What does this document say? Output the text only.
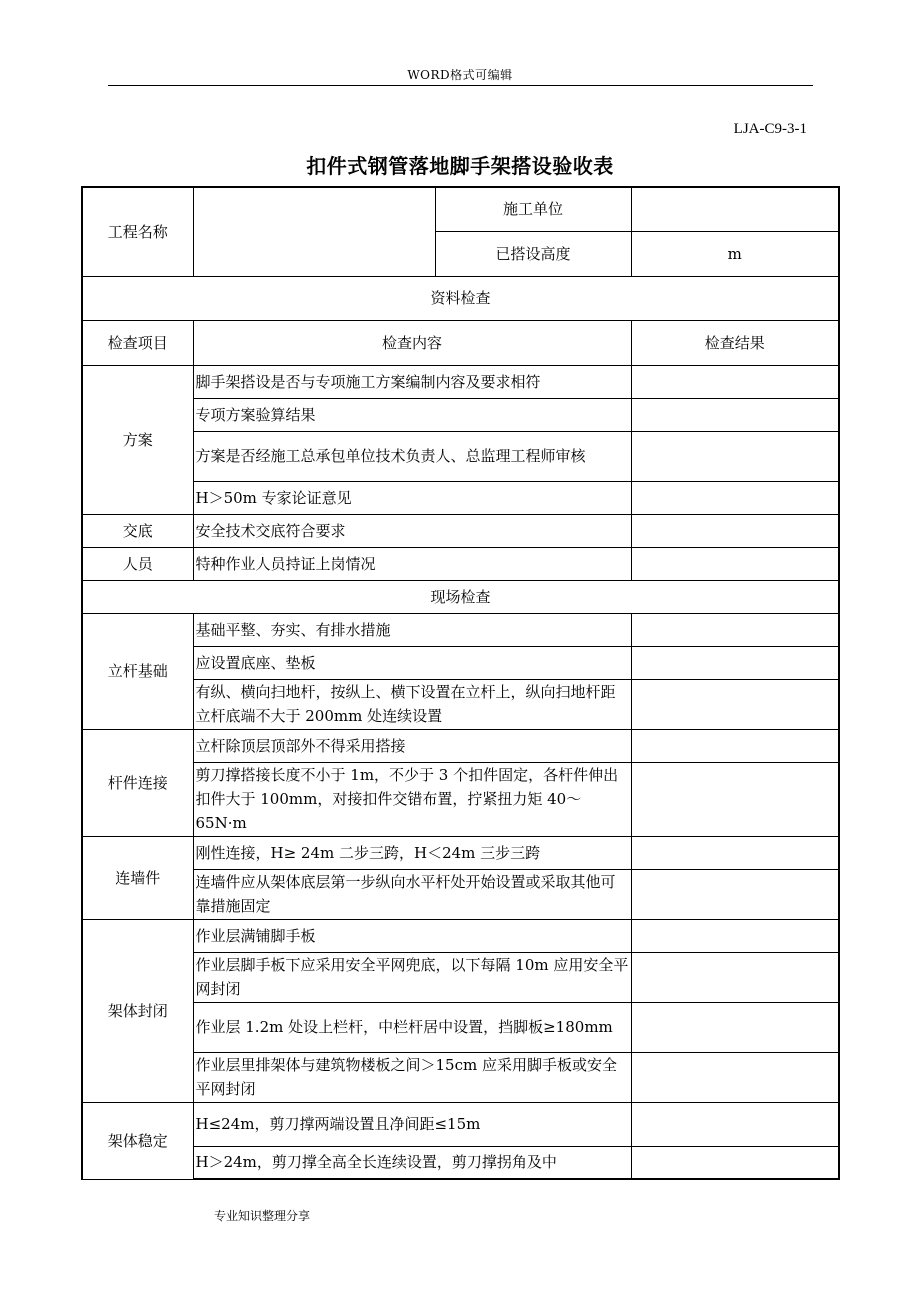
WORD格式可编辑
LJA-C9-3-1
扣件式钢管落地脚手架搭设验收表
工程名称		施工单位	
		已搭设高度	m
资料检查			
检查项目	检查内容		检查结果
方案	脚手架搭设是否与专项施工方案编制内容及要求相符		
	专项方案验算结果		
	方案是否经施工总承包单位技术负责人、总监理工程师审核		
	H＞50m 专家论证意见		
交底	安全技术交底符合要求		
人员	特种作业人员持证上岗情况		
现场检查			
立杆基础	基础平整、夯实、有排水措施		
	应设置底座、垫板		
	有纵、横向扫地杆，按纵上、横下设置在立杆上，纵向扫地杆距立杆底端不大于 200mm 处连续设置		
杆件连接	立杆除顶层顶部外不得采用搭接		
	剪刀撑搭接长度不小于 1m，不少于 3 个扣件固定，各杆件伸出扣件大于 100mm，对接扣件交错布置，拧紧扭力矩 40～65N·m		
连墙件	刚性连接，H≥ 24m 二步三跨，H＜24m 三步三跨		
	连墙件应从架体底层第一步纵向水平杆处开始设置或采取其他可靠措施固定		
架体封闭	作业层满铺脚手板		
	作业层脚手板下应采用安全平网兜底，以下每隔 10m 应用安全平网封闭		
	作业层 1.2m 处设上栏杆，中栏杆居中设置，挡脚板≥180mm		
	作业层里排架体与建筑物楼板之间＞15cm 应采用脚手板或安全平网封闭		
架体稳定	H≤24m，剪刀撑两端设置且净间距≤15m		
	H＞24m，剪刀撑全高全长连续设置，剪刀撑拐角及中		
专业知识整理分享
